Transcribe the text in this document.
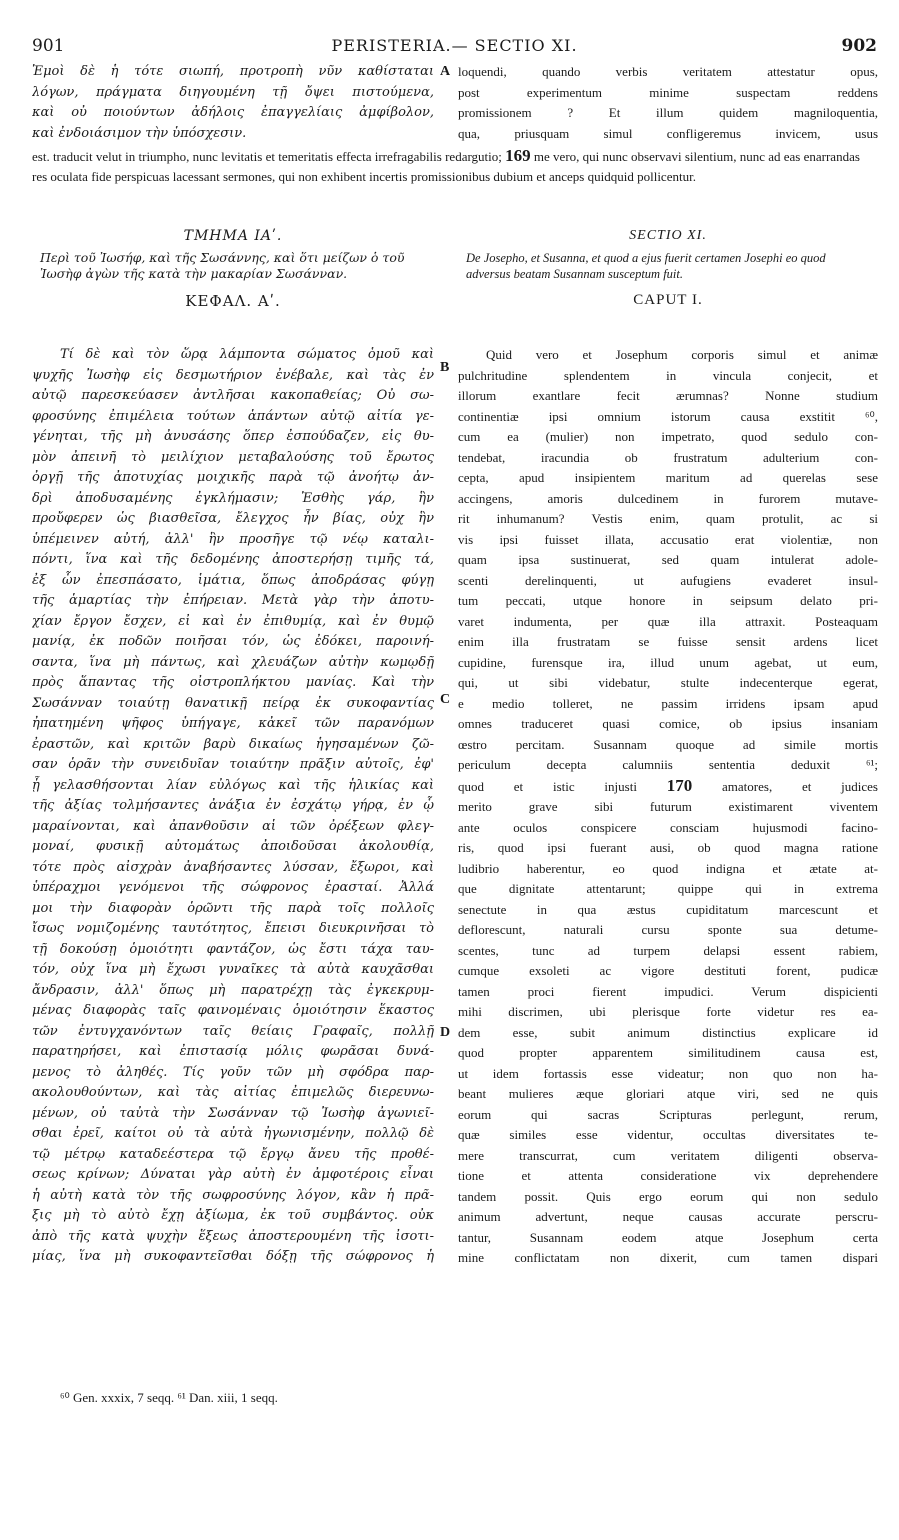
901	PERISTERIA.— SECTIO XI.	902
Ἐμοὶ δὲ ἡ τότε σιωπή, προτροπὴ νῦν καθίσταται
λόγων, πράγματα διηγουμένη τῇ ὄψει πιστούμενα,
καὶ οὐ ποιούντων ἀδήλοις ἐπαγγελίαις ἀμφίβολον,
καὶ ἐνδοιάσιμον τὴν ὑπόσχεσιν.
A loquendi, quando verbis veritatem attestatur opus,
post experimentum minime suspectam reddens
promissionem ? Et illum quidem magniloquentia,
qua, priusquam simul confligeremus invicem, usus
est. traducit velut in triumpho, nunc levitatis et temeritatis effecta irrefragabilis redargutio; 169 me vero, qui nunc observavi silentium, nunc ad eas enarrandas res oculata fide perspicuas lacessant sermones, qui non exhibent incertis promissionibus dubium et anceps quidquid pollicentur.
ΤΜΗΜΑ ΙΑʹ.
Περὶ τοῦ Ἰωσήφ, καὶ τῆς Σωσάννης, καὶ ὅτι μείζων ὁ τοῦ Ἰωσὴφ ἀγὼν τῆς κατὰ τὴν μακαρίαν Σωσάνναν.
ΚΕΦΑΛ. Αʹ.
SECTIO XI.
De Josepho, et Susanna, et quod a ejus fuerit certamen Josephi eo quod adversus beatam Susannam susceptum fuit.
CAPUT I.
Τί δὲ καὶ τὸν ὥρᾳ λάμποντα σώματος ὁμοῦ καὶ
ψυχῆς Ἰωσὴφ εἰς δεσμωτήριον ἐνέβαλε, καὶ τὰς ἐν
αὐτῷ παρεσκεύασεν ἀντλῆσαι κακοπαθείας; Οὐ σω-
φροσύνης ἐπιμέλεια τούτων ἁπάντων αὐτῷ αἰτία γε-
γένηται, τῆς μὴ ἀνυσάσης ὅπερ ἐσπούδαζεν, εἰς θυ-
μὸν ἀπεινῆ τὸ μειλίχιον μεταβαλούσης τοῦ ἔρωτος
ὀργῇ τῆς ἀποτυχίας μοιχικῆς παρὰ τῷ ἀνοήτῳ ἀν-
δρὶ ἀποδυσαμένης ἐγκλήμασιν; Ἐσθὴς γάρ, ἣν
προὔφερεν ὡς βιασθεῖσα, ἔλεγχος ἦν βίας, οὐχ ἣν
ὑπέμεινεν αὐτή, ἀλλ' ἣν προσῆγε τῷ νέῳ καταλι-
πόντι, ἵνα καὶ τῆς δεδομένης ἀποστερήσῃ τιμῆς τά,
ἐξ ὧν ἐπεσπάσατο, ἱμάτια, ὅπως ἀποδράσας φύγῃ
τῆς ἁμαρτίας τὴν ἐπήρειαν. Μετὰ γὰρ τὴν ἀποτυ-
χίαν ἔργον ἔσχεν, εἰ καὶ ἐν ἐπιθυμίᾳ, καὶ ἐν θυμῷ
μανίᾳ, ἐκ ποδῶν ποιῆσαι τόν, ὡς ἐδόκει, παροινή-
σαντα, ἵνα μὴ πάντως, καὶ χλευάζων αὐτὴν κωμῳδῇ
πρὸς ἅπαντας τῆς οἰστροπλήκτου μανίας. Καὶ τὴν
Σωσάνναν τοιαύτῃ θανατικῇ πείρᾳ ἐκ συκοφαντίας
ἠπατημένη ψῆφος ὑπήγαγε, κἀκεῖ τῶν παρανόμων
ἐραστῶν, καὶ κριτῶν βαρὺ δικαίως ἡγησαμένων ζῶ-
σαν ὁρᾶν τὴν συνειδυῖαν τοιαύτην πρᾶξιν αὐτοῖς, ἐφ'
ᾗ γελασθήσονται λίαν εὐλόγως καὶ τῆς ἡλικίας καὶ
τῆς ἀξίας τολμήσαντες ἀνάξια ἐν ἐσχάτῳ γήρᾳ, ἐν ᾧ
μαραίνονται, καὶ ἀπανθοῦσιν αἱ τῶν ὀρέξεων φλεγ-
μοναί, φυσικῇ αὐτομάτως ἀποιδοῦσαι ἀκολουθίᾳ,
τότε πρὸς αἰσχρὰν ἀναβήσαντες λύσσαν, ἔξωροι, καὶ
ὑπέραχμοι γενόμενοι τῆς σώφρονος ἐρασταί. Ἀλλά
μοι τὴν διαφορὰν ὁρῶντι τῆς παρὰ τοῖς πολλοῖς
ἴσως νομιζομένης ταυτότητος, ἔπεισι διευκρινῆσαι τὸ
τῇ δοκούσῃ ὁμοιότητι φαντάζον, ὡς ἔστι τάχα ταυ-
τόν, οὐχ ἵνα μὴ ἔχωσι γυναῖκες τὰ αὐτὰ καυχᾶσθαι
ἄνδρασιν, ἀλλ' ὅπως μὴ παρατρέχῃ τὰς ἐγκεκρυμ-
μένας διαφορὰς ταῖς φαινομέναις ὁμοιότησιν ἕκαστος
τῶν ἐντυγχανόντων ταῖς θείαις Γραφαῖς, πολλῇ
παρατηρήσει, καὶ ἐπιστασίᾳ μόλις φωρᾶσαι δυνά-
μενος τὸ ἀληθές. Τίς γοῦν τῶν μὴ σφόδρα παρ-
ακολουθούντων, καὶ τὰς αἰτίας ἐπιμελῶς διερευνω-
μένων, οὐ ταὐτὰ τὴν Σωσάνναν τῷ Ἰωσὴφ ἀγωνιεῖ-
σθαι ἐρεῖ, καίτοι οὐ τὰ αὐτὰ ἠγωνισμένην, πολλῷ δὲ
τῷ μέτρῳ καταδεέστερα τῷ ἔργῳ ἄνευ τῆς προθέ-
σεως κρίνων; Δύναται γὰρ αὐτὴ ἐν ἀμφοτέροις εἶναι
ἡ αὐτὴ κατὰ τὸν τῆς σωφροσύνης λόγον, κἂν ἡ πρᾶ-
ξις μὴ τὸ αὐτὸ ἔχῃ ἀξίωμα, ἐκ τοῦ συμβάντος. οὐκ
ἀπὸ τῆς κατὰ ψυχὴν ἕξεως ἀποστερουμένη τῆς ἰσοτι-
μίας, ἵνα μὴ συκοφαντεῖσθαι δόξῃ τῆς σώφρονος ἡ
B
C
D
Quid vero et Josephum corporis simul et animæ
pulchritudine splendentem in vincula conjecit, et
illorum exantlare fecit ærumnas? Nonne studium
continentiæ ipsi omnium istorum causa exstitit ⁶⁰,
cum ea (mulier) non impetrato, quod sedulo con-
tendebat, iracundia ob frustratum adulterium con-
cepta, apud insipientem maritum ad querelas sese
accingens, amoris dulcedinem in furorem mutave-
rit inhumanum? Vestis enim, quam protulit, ac si
vis ipsi fuisset illata, accusatio erat violentiæ, non
quam ipsa sustinuerat, sed quam intulerat adole-
scenti derelinquenti, ut aufugiens evaderet insul-
tum peccati, utque honore in seipsum delato pri-
varet indumenta, per quæ illa attraxit. Posteaquam
enim illa frustratam se fuisse sensit ardens licet
cupidine, furensque ira, illud unum agebat, ut eum,
qui, ut sibi videbatur, stulte indecenterque egerat,
e medio tolleret, ne passim irridens ipsam apud
omnes traduceret quasi comice, ob ipsius insaniam
œstro percitam. Susannam quoque ad simile mortis
periculum decepta calumniis sententia deduxit ⁶¹;
quod et istic injusti 170 amatores, et judices
merito grave sibi futurum existimarent viventem
ante oculos conspicere consciam hujusmodi facino-
ris, quod ipsi fuerant ausi, ob quod magna ratione
ludibrio haberentur, eo quod indigna et ætate at-
que dignitate attentarunt; quippe qui in extrema
senectute in qua æstus cupiditatum marcescunt et
deflorescunt, naturali cursu sponte sua detume-
scentes, tunc ad turpem delapsi essent rabiem,
cumque exsoleti ac vigore destituti forent, pudicæ
tamen proci fierent impudici. Verum dispicienti
mihi discrimen, ubi plerisque forte videtur res ea-
dem esse, subit animum distinctius explicare id
quod propter apparentem similitudinem causa est,
ut idem fortassis esse videatur; non quo non ha-
beant mulieres æque gloriari atque viri, sed ne quis
eorum qui sacras Scripturas perlegunt, rerum,
quæ similes esse videntur, occultas diversitates te-
mere transcurrat, cum veritatem diligenti observa-
tione et attenta consideratione vix deprehendere
tandem possit. Quis ergo eorum qui non sedulo
animum advertunt, neque causas accurate perscru-
tantur, Susannam eodem atque Josephum certa
mine conflictatam non dixerit, cum tamen dispari
⁶⁰ Gen. xxxix, 7 seqq. ⁶¹ Dan. xiii, 1 seqq.
